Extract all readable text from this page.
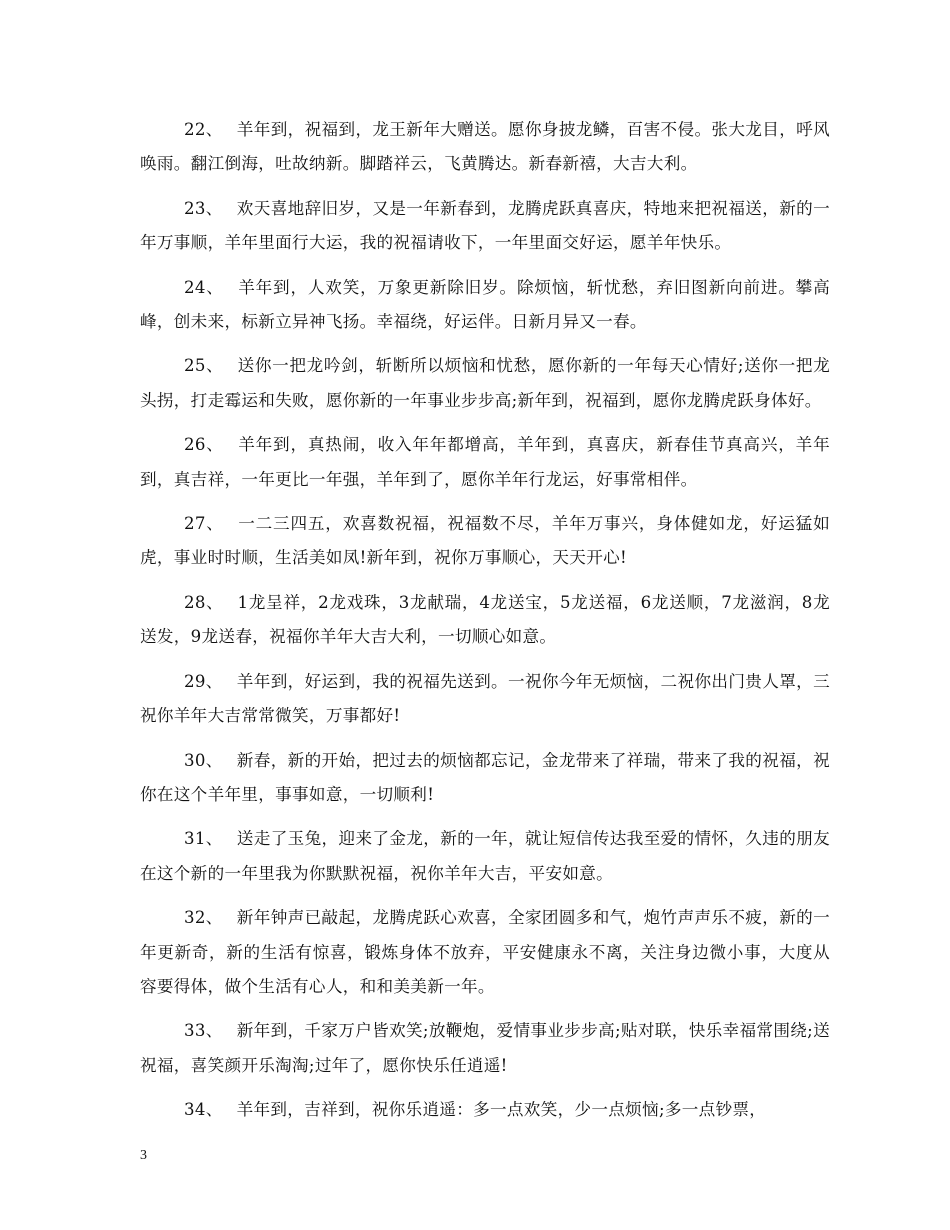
22、 羊年到，祝福到，龙王新年大赠送。愿你身披龙鳞，百害不侵。张大龙目，呼风唤雨。翻江倒海，吐故纳新。脚踏祥云，飞黄腾达。新春新禧，大吉大利。

23、 欢天喜地辞旧岁，又是一年新春到，龙腾虎跃真喜庆，特地来把祝福送，新的一年万事顺，羊年里面行大运，我的祝福请收下，一年里面交好运，愿羊年快乐。

24、 羊年到，人欢笑，万象更新除旧岁。除烦恼，斩忧愁，弃旧图新向前进。攀高峰，创未来，标新立异神飞扬。幸福绕，好运伴。日新月异又一春。

25、 送你一把龙吟剑，斩断所以烦恼和忧愁，愿你新的一年每天心情好;送你一把龙头拐，打走霉运和失败，愿你新的一年事业步步高;新年到，祝福到，愿你龙腾虎跃身体好。

26、 羊年到，真热闹，收入年年都增高，羊年到，真喜庆，新春佳节真高兴，羊年到，真吉祥，一年更比一年强，羊年到了，愿你羊年行龙运，好事常相伴。

27、 一二三四五，欢喜数祝福，祝福数不尽，羊年万事兴，身体健如龙，好运猛如虎，事业时时顺，生活美如凤!新年到，祝你万事顺心，天天开心!

28、 1龙呈祥，2龙戏珠，3龙献瑞，4龙送宝，5龙送福，6龙送顺，7龙滋润，8龙送发，9龙送春，祝福你羊年大吉大利，一切顺心如意。

29、 羊年到，好运到，我的祝福先送到。一祝你今年无烦恼，二祝你出门贵人罩，三祝你羊年大吉常常微笑，万事都好!

30、 新春，新的开始，把过去的烦恼都忘记，金龙带来了祥瑞，带来了我的祝福，祝你在这个羊年里，事事如意，一切顺利!

31、 送走了玉兔，迎来了金龙，新的一年，就让短信传达我至爱的情怀，久违的朋友在这个新的一年里我为你默默祝福，祝你羊年大吉，平安如意。

32、 新年钟声已敲起，龙腾虎跃心欢喜，全家团圆多和气，炮竹声声乐不疲，新的一年更新奇，新的生活有惊喜，锻炼身体不放弃，平安健康永不离，关注身边微小事，大度从容要得体，做个生活有心人，和和美美新一年。

33、 新年到，千家万户皆欢笑;放鞭炮，爱情事业步步高;贴对联，快乐幸福常围绕;送祝福，喜笑颜开乐淘淘;过年了，愿你快乐任逍遥!

34、 羊年到，吉祥到，祝你乐逍遥：多一点欢笑，少一点烦恼;多一点钞票，

3
